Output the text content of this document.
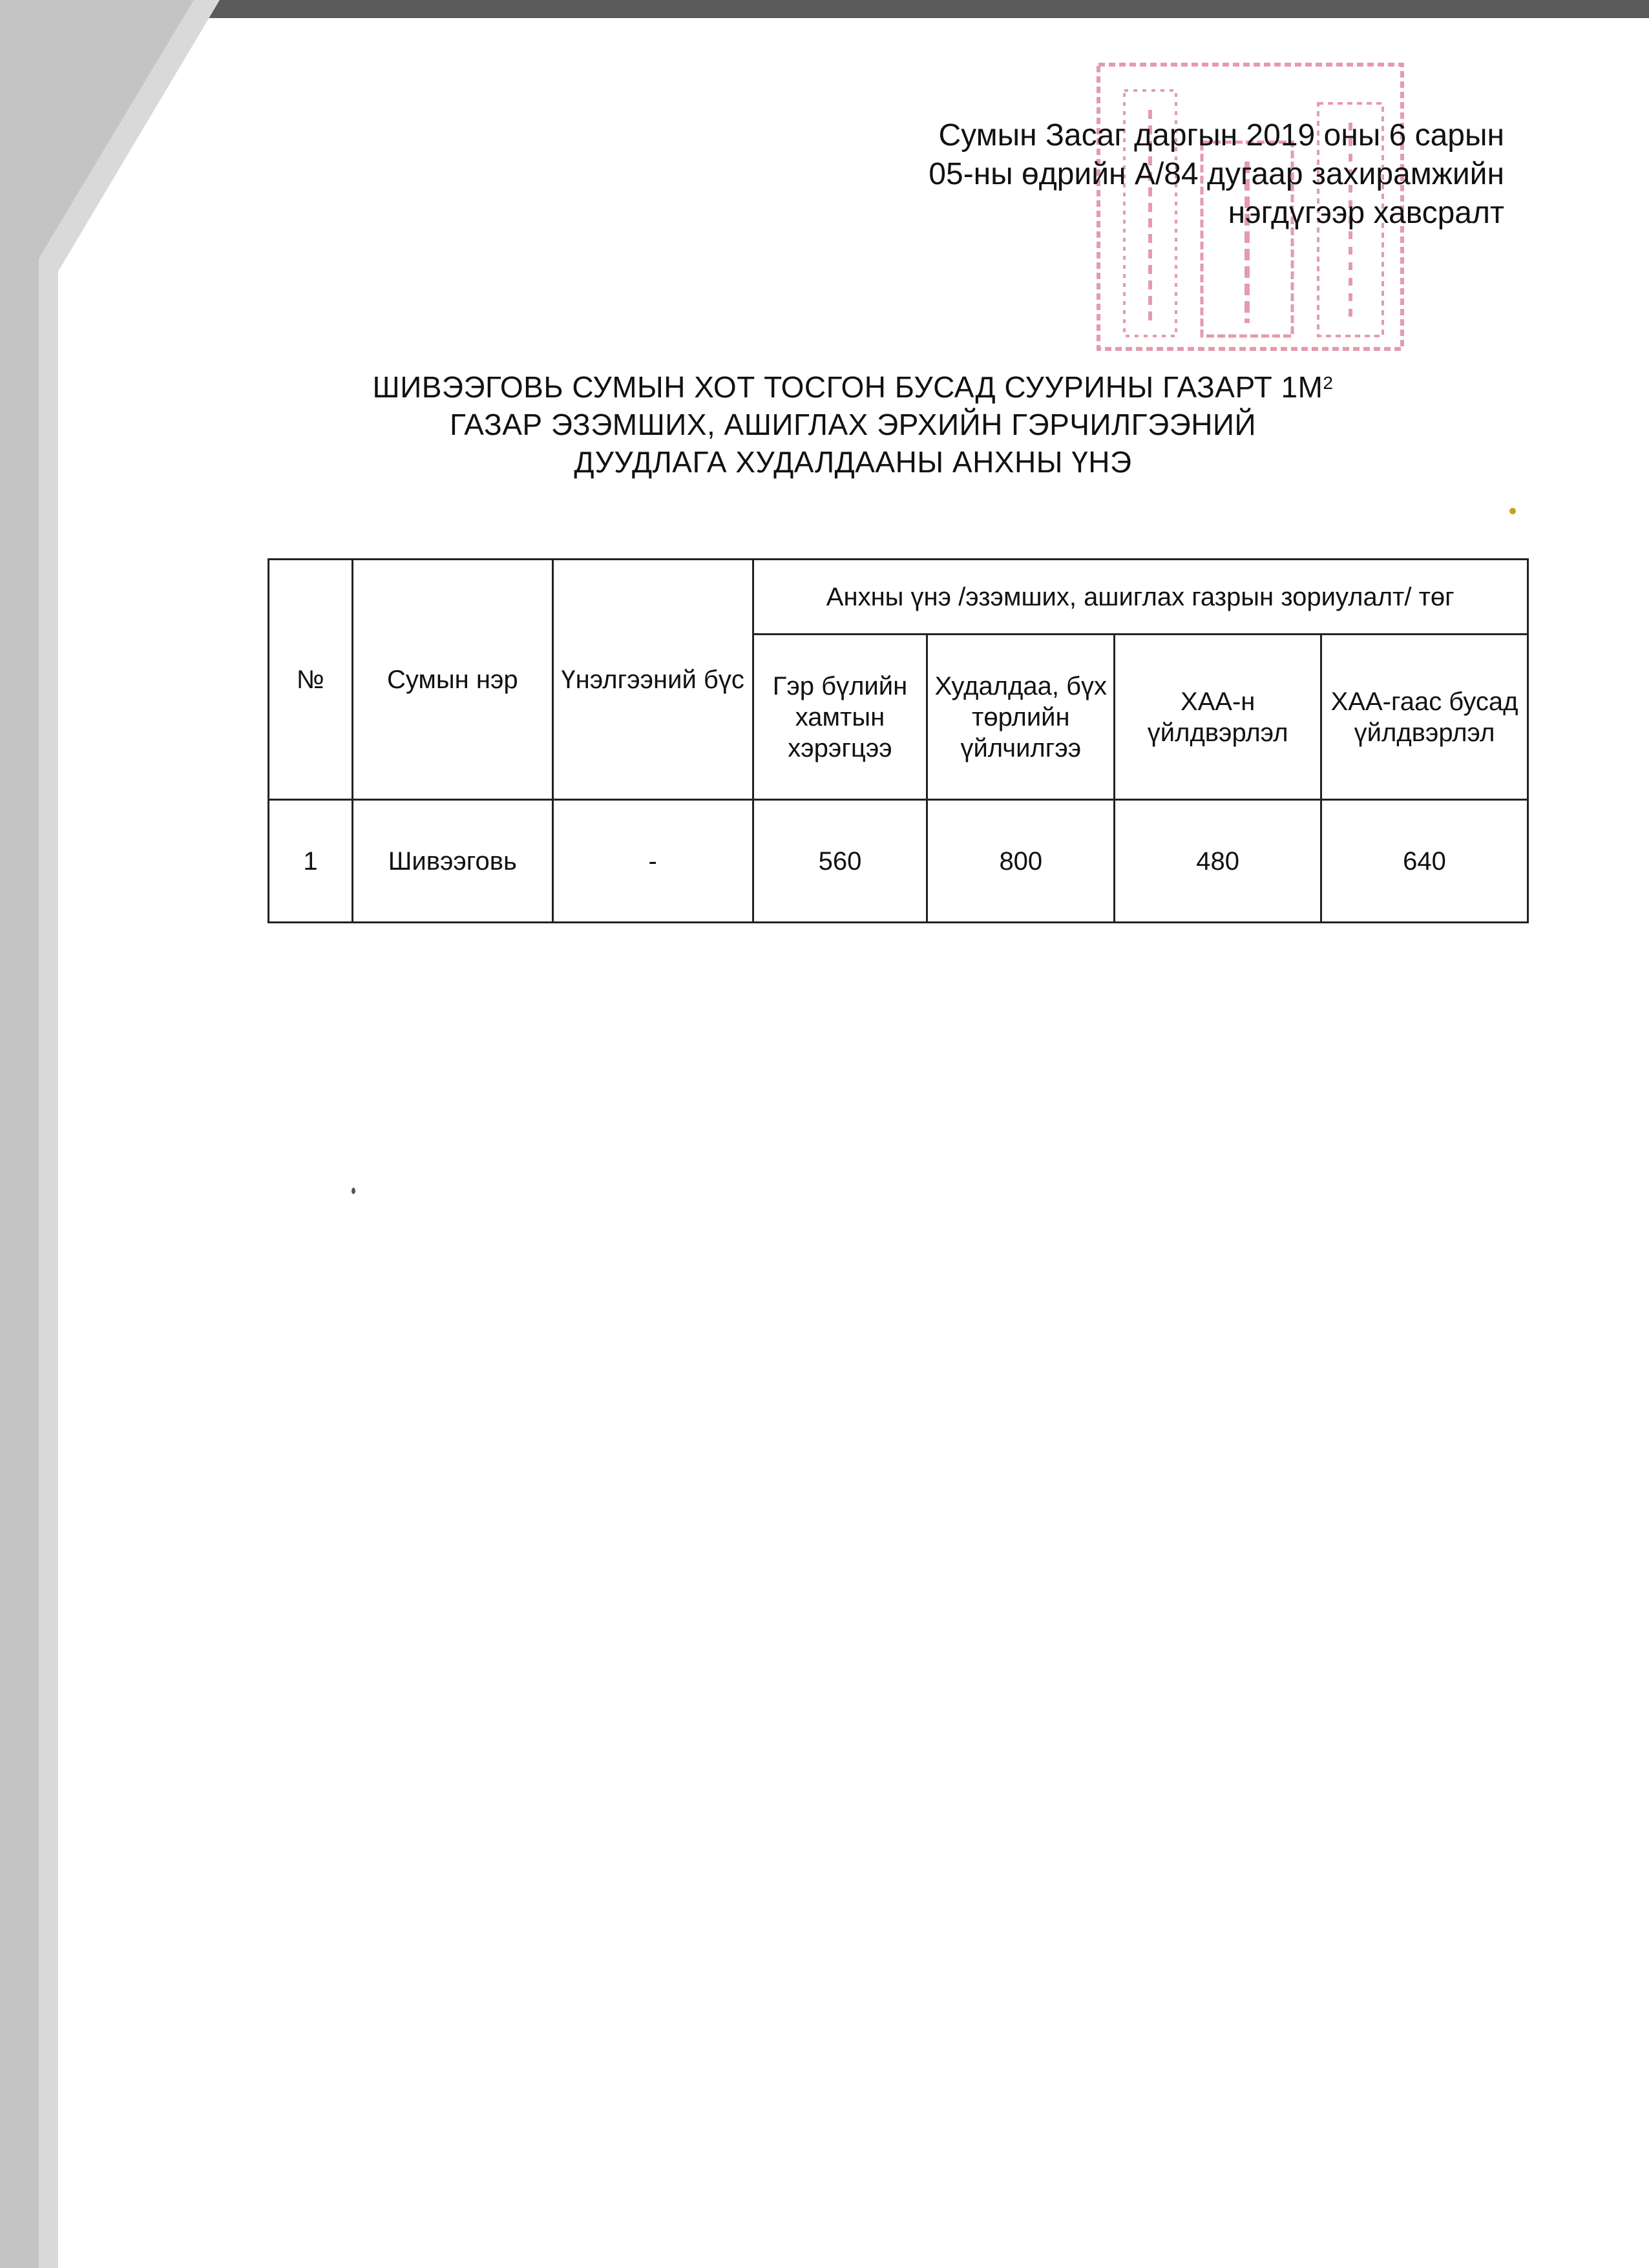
Сумын Засаг даргын 2019 оны 6 сарын
05-ны өдрийн А/84 дугаар захирамжийн
нэгдүгээр хавсралт
ШИВЭЭГОВЬ СУМЫН ХОТ ТОСГОН БУСАД СУУРИНЫ ГАЗАРТ $1М^2$
ГАЗАР ЭЗЭМШИХ, АШИГЛАХ ЭРХИЙН ГЭРЧИЛГЭЭНИЙ
ДУУДЛАГА ХУДАЛДААНЫ АНХНЫ ҮНЭ
№	Сумын нэр	Үнэлгээний бүс	Анхны үнэ /эзэмших, ашиглах газрын зориулалт/ төг			
			Гэр бүлийн хамтын хэрэгцээ	Худалдаа, бүх төрлийн үйлчилгээ	ХАА-н үйлдвэрлэл	ХАА-гаас бусад үйлдвэрлэл
1	Шивээговь	-	560	800	480	640
